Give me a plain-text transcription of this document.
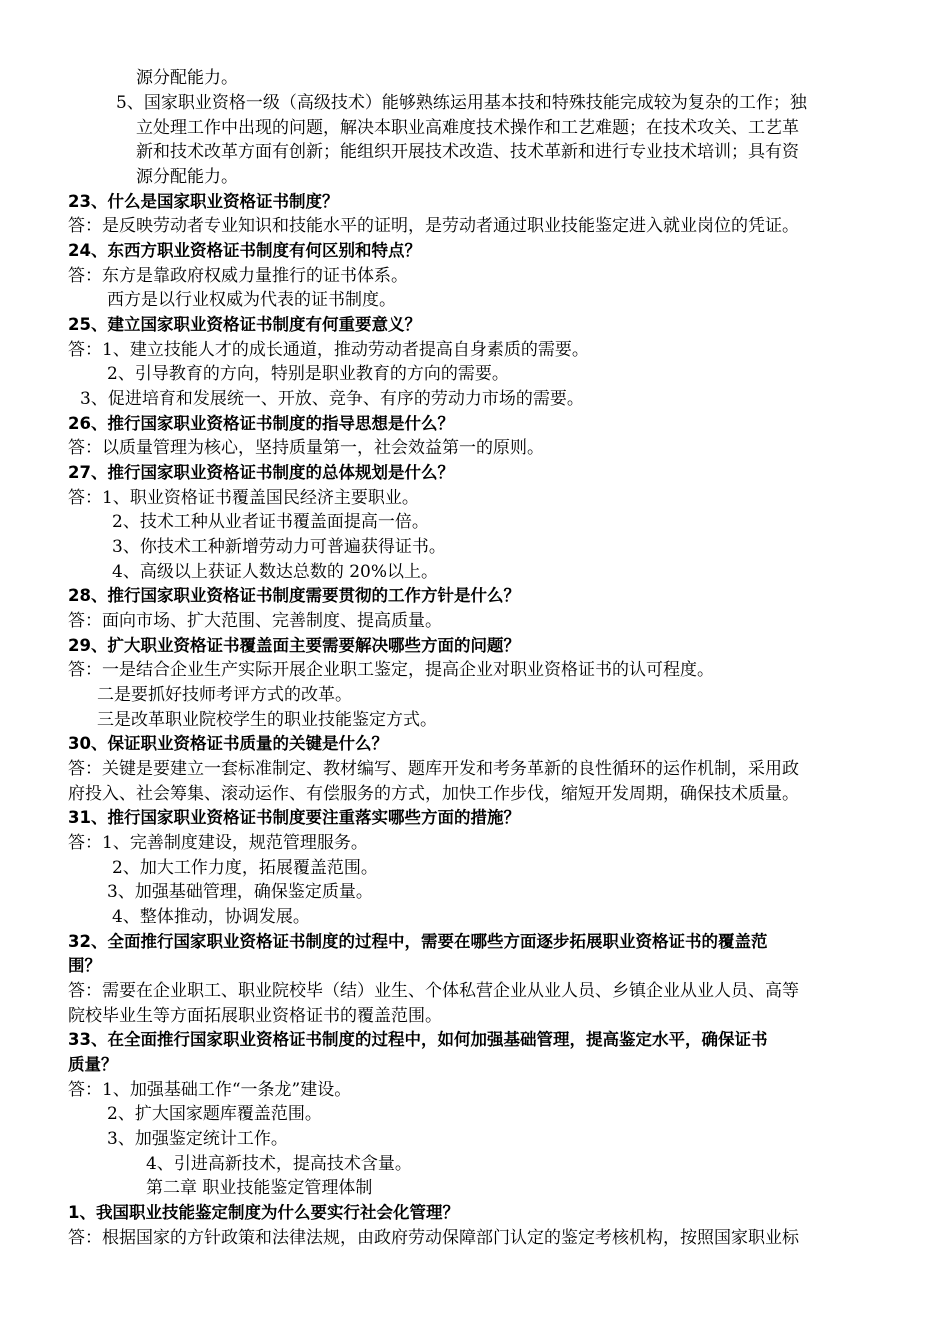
源分配能力。
5、国家职业资格一级（高级技术）能够熟练运用基本技和特殊技能完成较为复杂的工作；独
立处理工作中出现的问题，解决本职业高难度技术操作和工艺难题；在技术攻关、工艺革
新和技术改革方面有创新；能组织开展技术改造、技术革新和进行专业技术培训；具有资
源分配能力。
23、什么是国家职业资格证书制度？
答：是反映劳动者专业知识和技能水平的证明，是劳动者通过职业技能鉴定进入就业岗位的凭证。
24、东西方职业资格证书制度有何区别和特点？
答：东方是靠政府权威力量推行的证书体系。
西方是以行业权威为代表的证书制度。
25、建立国家职业资格证书制度有何重要意义？
答：1、建立技能人才的成长通道，推动劳动者提高自身素质的需要。
2、引导教育的方向，特别是职业教育的方向的需要。
3、促进培育和发展统一、开放、竞争、有序的劳动力市场的需要。
26、推行国家职业资格证书制度的指导思想是什么？
答：以质量管理为核心，坚持质量第一，社会效益第一的原则。
27、推行国家职业资格证书制度的总体规划是什么？
答：1、职业资格证书覆盖国民经济主要职业。
2、技术工种从业者证书覆盖面提高一倍。
3、你技术工种新增劳动力可普遍获得证书。
4、高级以上获证人数达总数的 20%以上。
28、推行国家职业资格证书制度需要贯彻的工作方针是什么？
答：面向市场、扩大范围、完善制度、提高质量。
29、扩大职业资格证书覆盖面主要需要解决哪些方面的问题？
答：一是结合企业生产实际开展企业职工鉴定，提高企业对职业资格证书的认可程度。
二是要抓好技师考评方式的改革。
三是改革职业院校学生的职业技能鉴定方式。
30、保证职业资格证书质量的关键是什么？
答：关键是要建立一套标准制定、教材编写、题库开发和考务革新的良性循环的运作机制，采用政
府投入、社会筹集、滚动运作、有偿服务的方式，加快工作步伐，缩短开发周期，确保技术质量。
31、推行国家职业资格证书制度要注重落实哪些方面的措施？
答：1、完善制度建设，规范管理服务。
2、加大工作力度，拓展覆盖范围。
3、加强基础管理，确保鉴定质量。
4、整体推动，协调发展。
32、全面推行国家职业资格证书制度的过程中，需要在哪些方面逐步拓展职业资格证书的覆盖范
围？
答：需要在企业职工、职业院校毕（结）业生、个体私营企业从业人员、乡镇企业从业人员、高等
院校毕业生等方面拓展职业资格证书的覆盖范围。
33、在全面推行国家职业资格证书制度的过程中，如何加强基础管理，提高鉴定水平，确保证书
质量？
答：1、加强基础工作“一条龙”建设。
2、扩大国家题库覆盖范围。
3、加强鉴定统计工作。
4、引进高新技术，提高技术含量。
第二章 职业技能鉴定管理体制
1、我国职业技能鉴定制度为什么要实行社会化管理？
答：根据国家的方针政策和法律法规，由政府劳动保障部门认定的鉴定考核机构，按照国家职业标
